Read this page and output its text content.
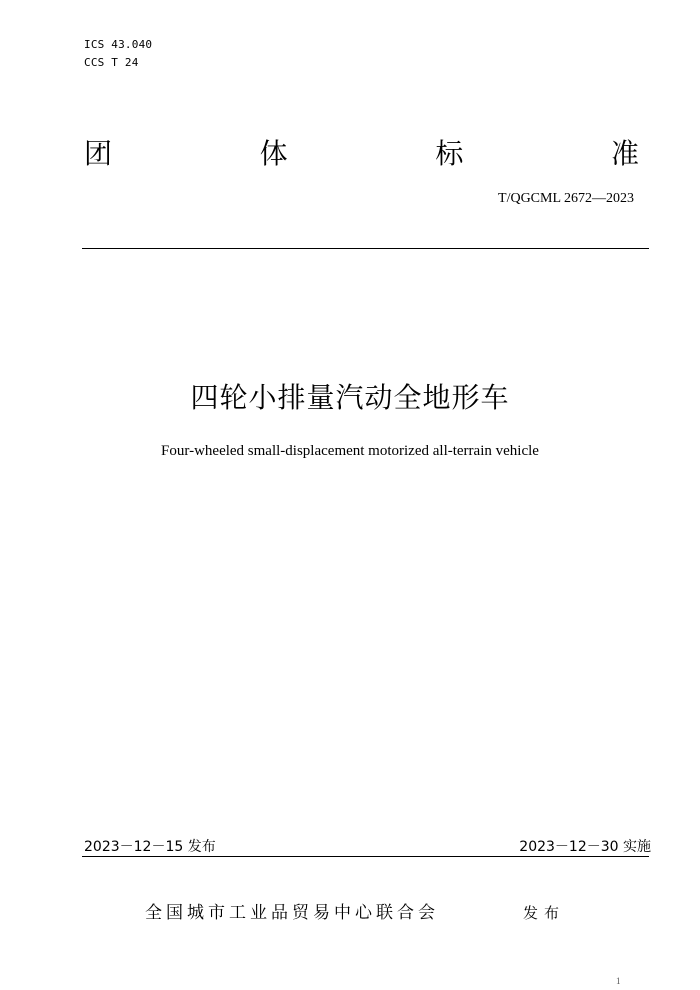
ICS 43.040
CCS T 24
团	体	标	准
T/QGCML 2672—2023
四轮小排量汽动全地形车
Four-wheeled small-displacement motorized all-terrain vehicle
2023－12－15 发布	2023－12－30 实施
全国城市工业品贸易中心联合会	发布
1
